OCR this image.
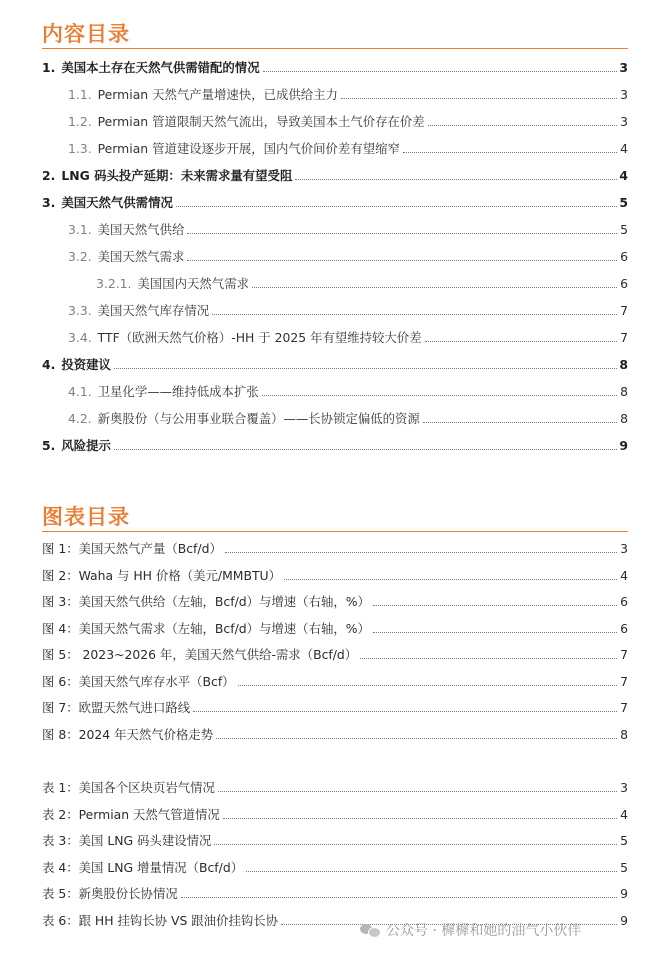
内容目录
图表目录
1. 美国本土存在天然气供需错配的情况	3
1.1. Permian 天然气产量增速快，已成供给主力	3
1.2. Permian 管道限制天然气流出，导致美国本土气价存在价差	3
1.3. Permian 管道建设逐步开展，国内气价间价差有望缩窄	4
2. LNG 码头投产延期：未来需求量有望受阻	4
3. 美国天然气供需情况	5
3.1. 美国天然气供给	5
3.2. 美国天然气需求	6
3.2.1. 美国国内天然气需求	6
3.3. 美国天然气库存情况	7
3.4. TTF（欧洲天然气价格）-HH 于 2025 年有望维持较大价差	7
4. 投资建议	8
4.1. 卫星化学——维持低成本扩张	8
4.2. 新奥股份（与公用事业联合覆盖）——长协锁定偏低的资源	8
5. 风险提示	9
图 1：美国天然气产量（Bcf/d）	3
图 2：Waha 与 HH 价格（美元/MMBTU）	4
图 3：美国天然气供给（左轴，Bcf/d）与增速（右轴，%）	6
图 4：美国天然气需求（左轴，Bcf/d）与增速（右轴，%）	6
图 5： 2023~2026 年，美国天然气供给-需求（Bcf/d）	7
图 6：美国天然气库存水平（Bcf）	7
图 7：欧盟天然气进口路线	7
图 8：2024 年天然气价格走势	8
表 1：美国各个区块页岩气情况	3
表 2：Permian 天然气管道情况	4
表 3：美国 LNG 码头建设情况	5
表 4：美国 LNG 增量情况（Bcf/d）	5
表 5：新奥股份长协情况	9
表 6：跟 HH 挂钩长协 VS 跟油价挂钩长协	9
公众号 · 樨樨和她的油气小伙伴
